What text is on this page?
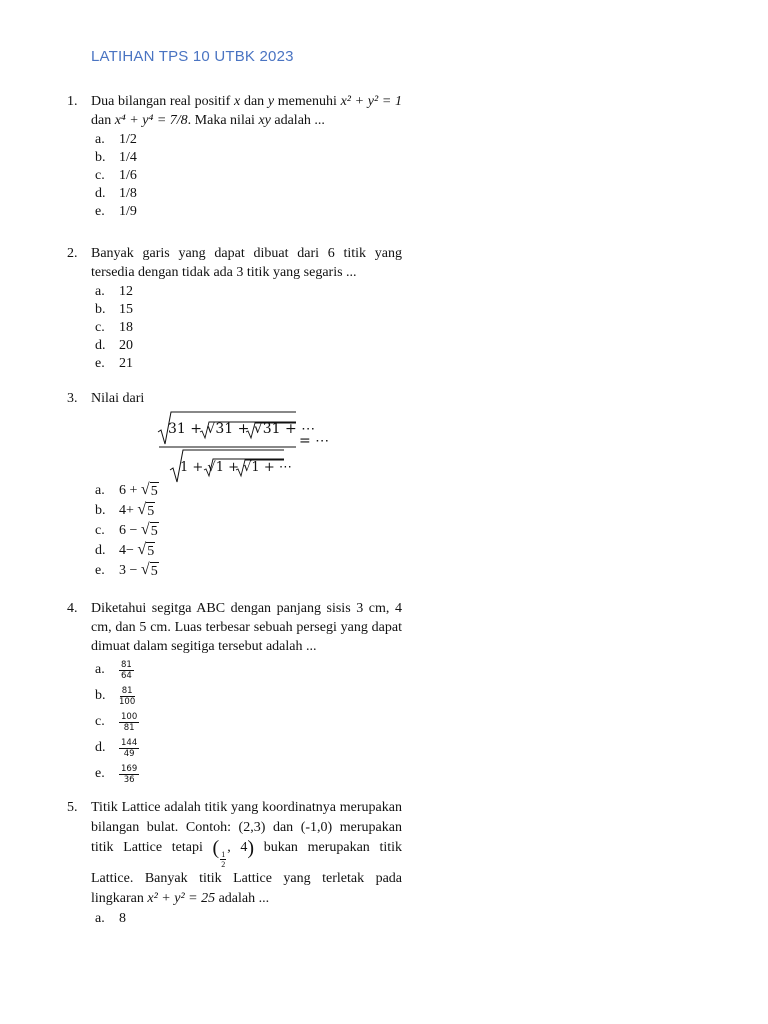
LATIHAN TPS 10 UTBK 2023
1. Dua bilangan real positif x dan y memenuhi x² + y² = 1 dan x⁴ + y⁴ = 7/8. Maka nilai xy adalah ...
a.	1/2
b. 1/4
c.	1/6
d. 1/8
e.	1/9
2. Banyak garis yang dapat dibuat dari 6 titik yang tersedia dengan tidak ada 3 titik yang segaris ...
a.	12
b. 15
c.	18
d. 20
e.	21
3. Nilai dari
31 + √31 + √31 + ⋯
1 + √1 + √1 + ⋯
= ⋯
a.	6 +
√ 5
b. 4+
√ 5
c.	6 −
√ 5
d. 4−
√ 5
e.	3 −
√ 5
4. Diketahui segitga ABC dengan panjang sisis 3 cm, 4 cm, dan 5 cm. Luas terbesar sebuah persegi yang dapat dimuat dalam segitiga tersebut adalah ...
a.	$\frac{81}{64}$
b.	$\frac{81}{100}$
c.	$\frac{100}{81}$
d.	$\frac{144}{49}$
e.	$\frac{169}{36}$
5. Titik Lattice adalah titik yang koordinatnya merupakan bilangan bulat. Contoh: (2,3) dan (-1,0) merupakan titik Lattice tetapi (
$\frac{1}{2}$
, 4) bukan merupakan titik Lattice. Banyak titik Lattice yang terletak pada lingkaran x² + y² = 25 adalah ...
a.	8
